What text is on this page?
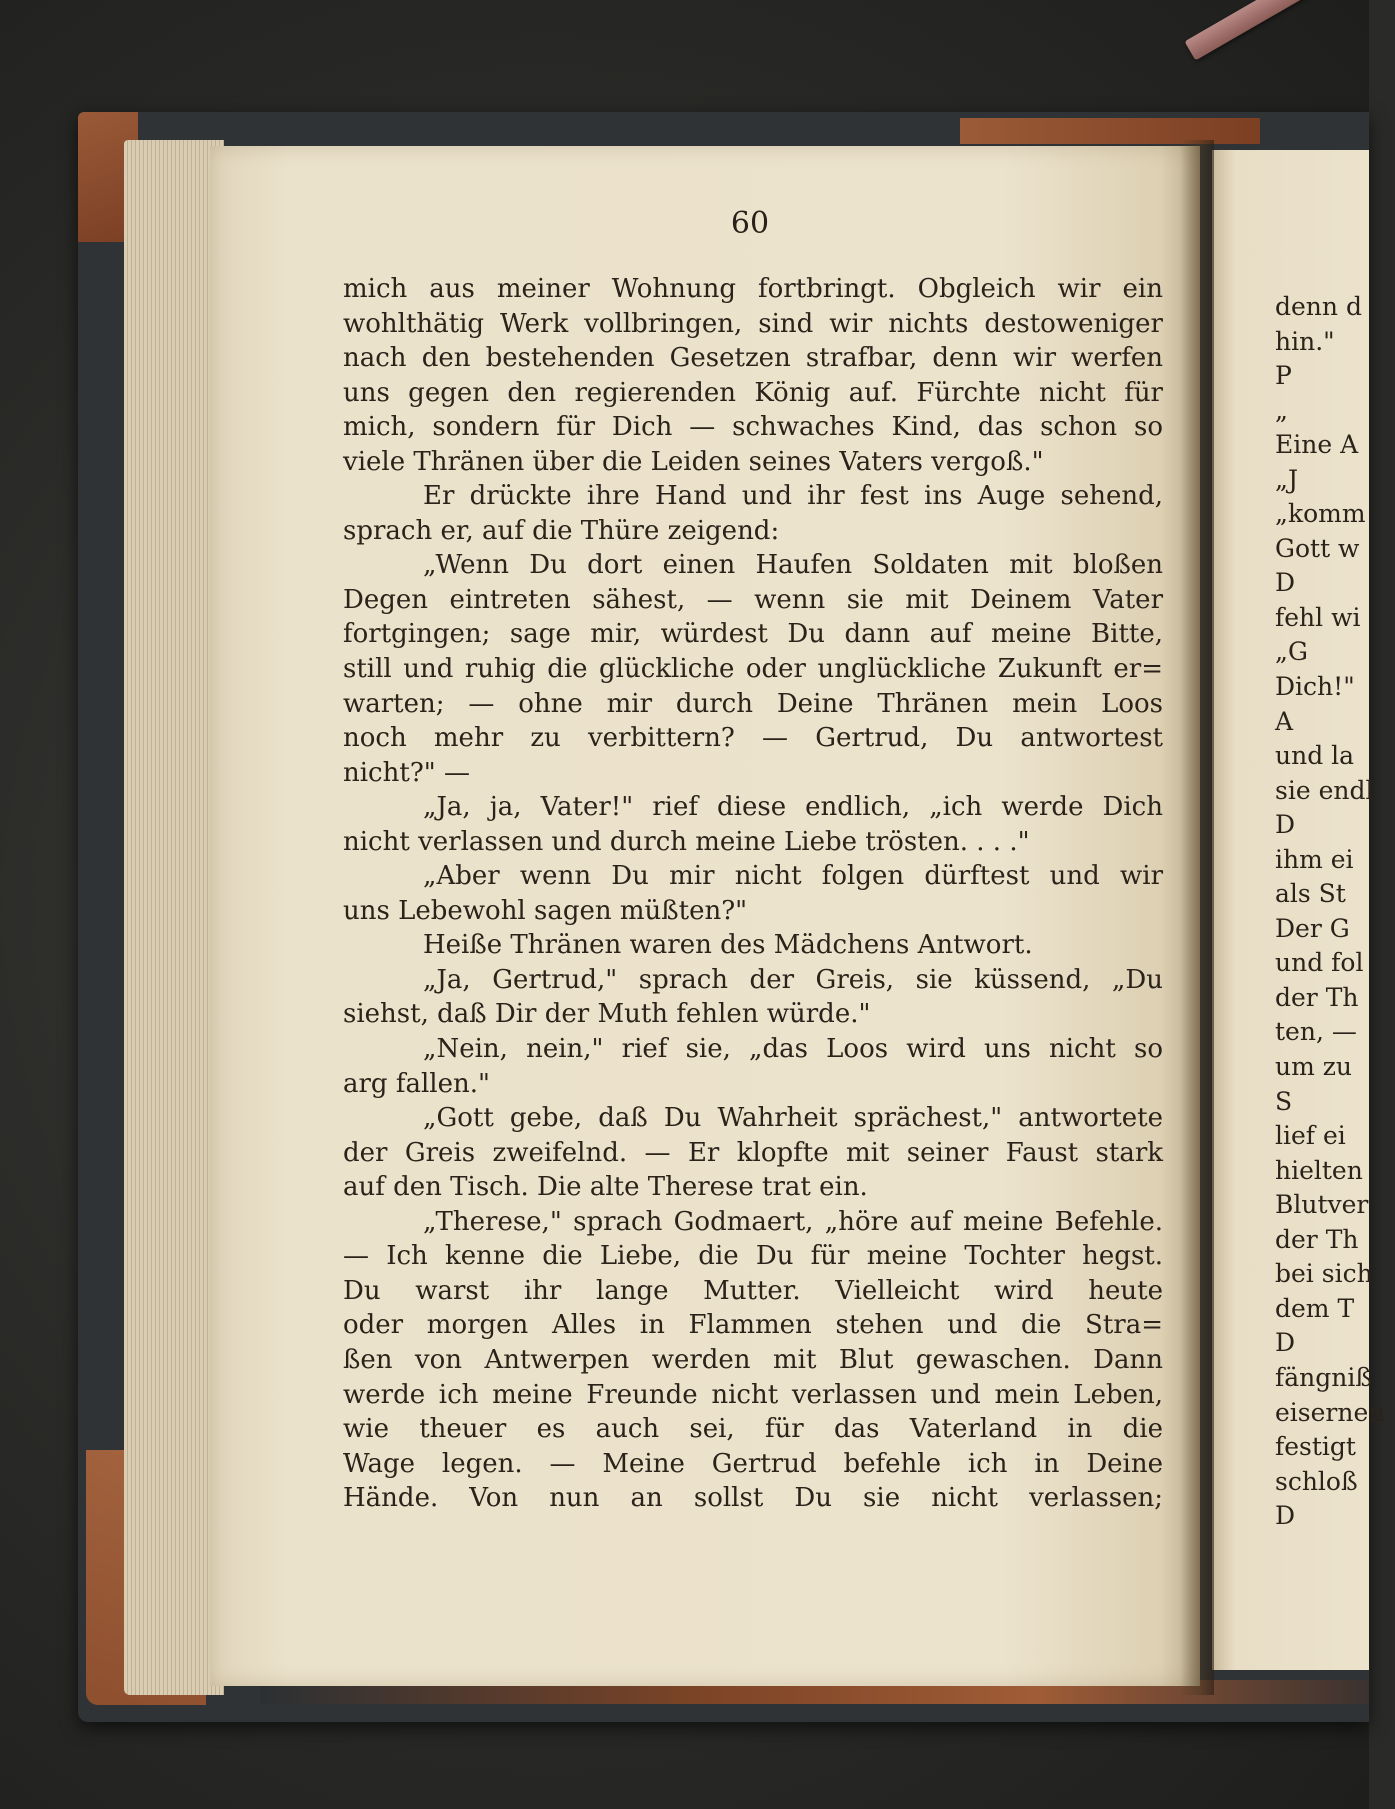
60
mich aus meiner Wohnung fortbringt. Obgleich wir ein
wohlthätig Werk vollbringen, sind wir nichts destoweniger
nach den bestehenden Gesetzen strafbar, denn wir werfen
uns gegen den regierenden König auf. Fürchte nicht für
mich, sondern für Dich — schwaches Kind, das schon so
viele Thränen über die Leiden seines Vaters vergoß."
Er drückte ihre Hand und ihr fest ins Auge sehend,
sprach er, auf die Thüre zeigend:
„Wenn Du dort einen Haufen Soldaten mit bloßen
Degen eintreten sähest, — wenn sie mit Deinem Vater
fortgingen; sage mir, würdest Du dann auf meine Bitte,
still und ruhig die glückliche oder unglückliche Zukunft er=
warten; — ohne mir durch Deine Thränen mein Loos
noch mehr zu verbittern? — Gertrud, Du antwortest
nicht?" —
„Ja, ja, Vater!" rief diese endlich, „ich werde Dich
nicht verlassen und durch meine Liebe trösten. . . ."
„Aber wenn Du mir nicht folgen dürftest und wir
uns Lebewohl sagen müßten?"
Heiße Thränen waren des Mädchens Antwort.
„Ja, Gertrud," sprach der Greis, sie küssend, „Du
siehst, daß Dir der Muth fehlen würde."
„Nein, nein," rief sie, „das Loos wird uns nicht so
arg fallen."
„Gott gebe, daß Du Wahrheit sprächest," antwortete
der Greis zweifelnd. — Er klopfte mit seiner Faust stark
auf den Tisch. Die alte Therese trat ein.
„Therese," sprach Godmaert, „höre auf meine Befehle.
— Ich kenne die Liebe, die Du für meine Tochter hegst.
Du warst ihr lange Mutter. Vielleicht wird heute
oder morgen Alles in Flammen stehen und die Stra=
ßen von Antwerpen werden mit Blut gewaschen. Dann
werde ich meine Freunde nicht verlassen und mein Leben,
wie theuer es auch sei, für das Vaterland in die
Wage legen. — Meine Gertrud befehle ich in Deine
Hände. Von nun an sollst Du sie nicht verlassen;
denn d
hin."
P
„
Eine A
„J
„komm
Gott w
D
fehl wi
„G
Dich!"
A
und la
sie endl
D
ihm ei
als St
Der G
und fol
der Th
ten, —
um zu
S
lief ei
hielten
Blutver
der Th
bei sich
dem T
D
fängniß
eisernen
festigt
schloß
D
